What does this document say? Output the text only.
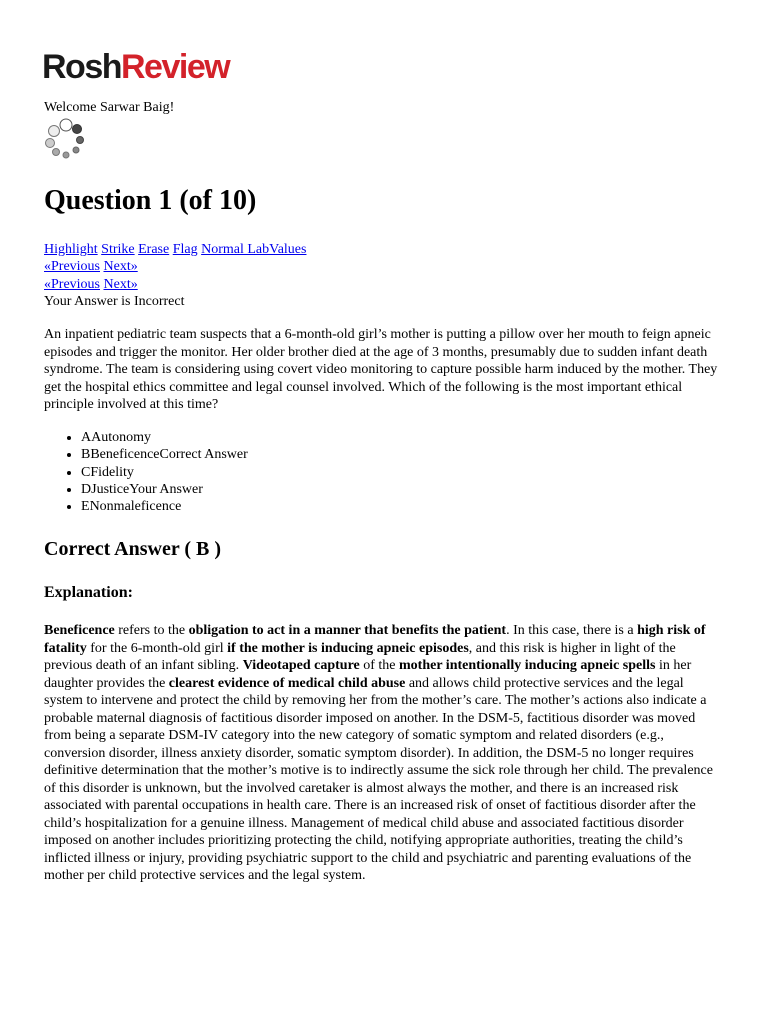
RoshReview
Welcome Sarwar Baig!
Question 1 (of 10)
Highlight Strike Erase Flag Normal LabValues
«Previous Next»
«Previous Next»
Your Answer is Incorrect

An inpatient pediatric team suspects that a 6-month-old girl’s mother is putting a pillow over her mouth to feign apneic episodes and trigger the monitor. Her older brother died at the age of 3 months, presumably due to sudden infant death syndrome. The team is considering using covert video monitoring to capture possible harm induced by the mother. They get the hospital ethics committee and legal counsel involved. Which of the following is the most important ethical principle involved at this time?

• AAutonomy
• BBeneficenceCorrect Answer
• CFidelity
• DJusticeYour Answer
• ENonmaleficence
Correct Answer ( B )
Explanation:

Beneficence refers to the obligation to act in a manner that benefits the patient. In this case, there is a high risk of fatality for the 6-month-old girl if the mother is inducing apneic episodes, and this risk is higher in light of the previous death of an infant sibling. Videotaped capture of the mother intentionally inducing apneic spells in her daughter provides the clearest evidence of medical child abuse and allows child protective services and the legal system to intervene and protect the child by removing her from the mother’s care. The mother’s actions also indicate a probable maternal diagnosis of factitious disorder imposed on another. In the DSM-5, factitious disorder was moved from being a separate DSM-IV category into the new category of somatic symptom and related disorders (e.g., conversion disorder, illness anxiety disorder, somatic symptom disorder). In addition, the DSM-5 no longer requires definitive determination that the mother’s motive is to indirectly assume the sick role through her child. The prevalence of this disorder is unknown, but the involved caretaker is almost always the mother, and there is an increased risk associated with parental occupations in health care. There is an increased risk of onset of factitious disorder after the child’s hospitalization for a genuine illness. Management of medical child abuse and associated factitious disorder imposed on another includes prioritizing protecting the child, notifying appropriate authorities, treating the child’s inflicted illness or injury, providing psychiatric support to the child and psychiatric and parenting evaluations of the mother per child protective services and the legal system.
